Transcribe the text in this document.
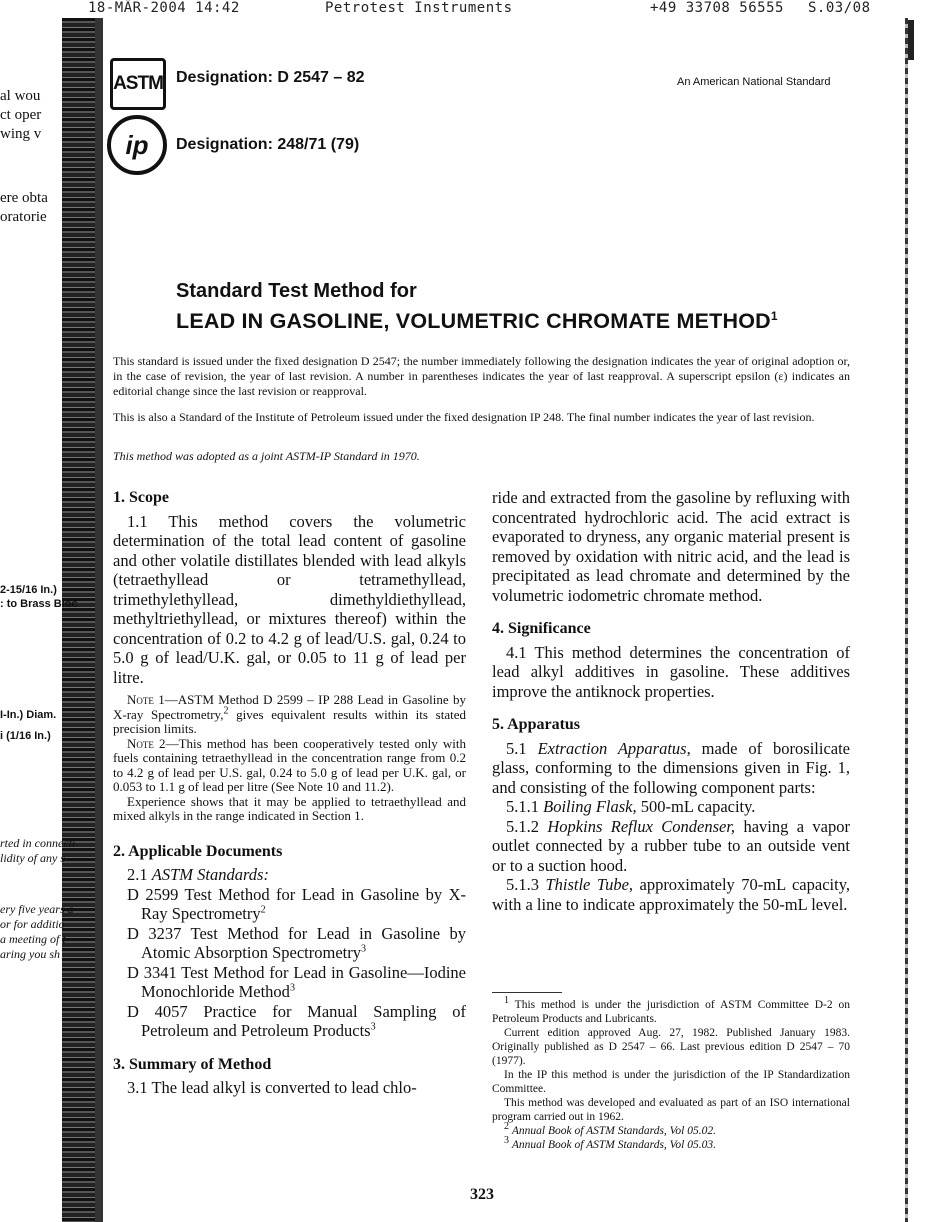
18-MÄR-2004 14:42	Petrotest Instruments	+49 33708 56555 S.03/08
al wou
ct oper
wing v
ere obta
oratorie
2-15/16 In.)
: to Brass Bloc
I-In.) Diam.
i (1/16 In.)
rted in connecti
lidity of any s
ery five years a
or for additio
a meeting of t
aring you sh
ASTM
ip
Designation: D 2547 – 82
Designation: 248/71 (79)
An American National Standard
Standard Test Method for
LEAD IN GASOLINE, VOLUMETRIC CHROMATE METHOD$^1$

This standard is issued under the fixed designation D 2547; the number immediately following the designation indicates the year of original adoption or, in the case of revision, the year of last revision. A number in parentheses indicates the year of last reapproval. A superscript epsilon (ε) indicates an editorial change since the last revision or reapproval.

This is also a Standard of the Institute of Petroleum issued under the fixed designation IP 248. The final number indicates the year of last revision.

This method was adopted as a joint ASTM-IP Standard in 1970.

1. Scope

1.1 This method covers the volumetric determination of the total lead content of gasoline and other volatile distillates blended with lead alkyls (tetraethyllead or tetramethyllead, trimethylethyllead, dimethyldiethyllead, methyltriethyllead, or mixtures thereof) within the concentration of 0.2 to 4.2 g of lead/U.S. gal, 0.24 to 5.0 g of lead/U.K. gal, or 0.05 to 11 g of lead per litre.

Note 1—ASTM Method D 2599 – IP 288 Lead in Gasoline by X-ray Spectrometry,$^2$ gives equivalent results within its stated precision limits.

Note 2—This method has been cooperatively tested only with fuels containing tetraethyllead in the concentration range from 0.2 to 4.2 g of lead per U.S. gal, 0.24 to 5.0 g of lead per U.K. gal, or 0.053 to 1.1 g of lead per litre (See Note 10 and 11.2).

Experience shows that it may be applied to tetraethyllead and mixed alkyls in the range indicated in Section 1.

2. Applicable Documents

2.1 ASTM Standards:

D 2599 Test Method for Lead in Gasoline by X-Ray Spectrometry$^2$

D 3237 Test Method for Lead in Gasoline by Atomic Absorption Spectrometry$^3$

D 3341 Test Method for Lead in Gasoline—Iodine Monochloride Method$^3$

D 4057 Practice for Manual Sampling of Petroleum and Petroleum Products$^3$

3. Summary of Method

3.1 The lead alkyl is converted to lead chlo-

ride and extracted from the gasoline by refluxing with concentrated hydrochloric acid. The acid extract is evaporated to dryness, any organic material present is removed by oxidation with nitric acid, and the lead is precipitated as lead chromate and determined by the volumetric iodometric chromate method.

4. Significance

4.1 This method determines the concentration of lead alkyl additives in gasoline. These additives improve the antiknock properties.

5. Apparatus

5.1 Extraction Apparatus, made of borosilicate glass, conforming to the dimensions given in Fig. 1, and consisting of the following component parts:

5.1.1 Boiling Flask, 500-mL capacity.

5.1.2 Hopkins Reflux Condenser, having a vapor outlet connected by a rubber tube to an outside vent or to a suction hood.

5.1.3 Thistle Tube, approximately 70-mL capacity, with a line to indicate approximately the 50-mL level.

$^1$ This method is under the jurisdiction of ASTM Committee D-2 on Petroleum Products and Lubricants.

Current edition approved Aug. 27, 1982. Published January 1983. Originally published as D 2547 – 66. Last previous edition D 2547 – 70 (1977).

In the IP this method is under the jurisdiction of the IP Standardization Committee.

This method was developed and evaluated as part of an ISO international program carried out in 1962.

$^2$ Annual Book of ASTM Standards, Vol 05.02.

$^3$ Annual Book of ASTM Standards, Vol 05.03.

323
